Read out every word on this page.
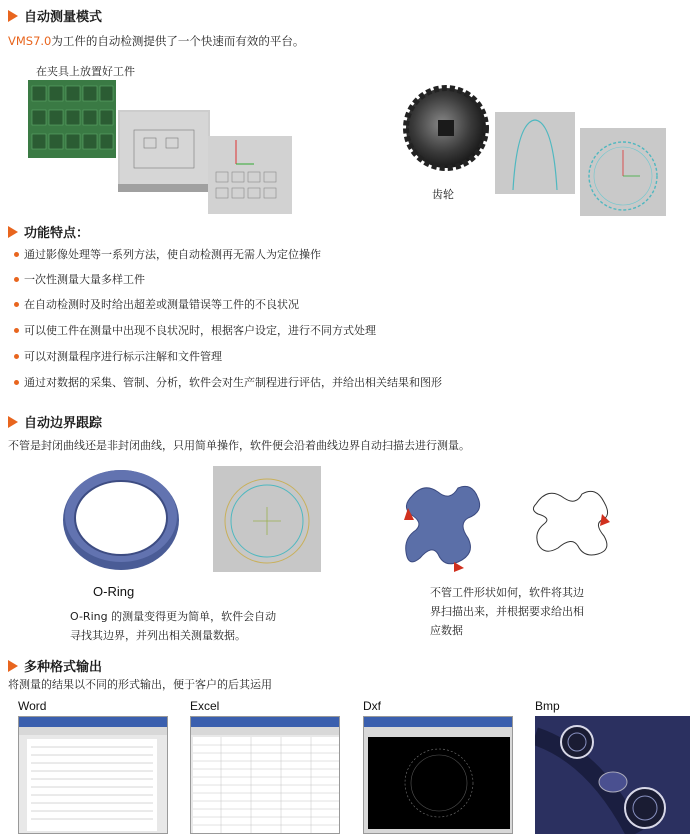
自动测量模式
VMS7.0为工件的自动检测提供了一个快速而有效的平台。
在夹具上放置好工件
齿轮
功能特点：
通过影像处理等一系列方法，使自动检测再无需人为定位操作
一次性测量大量多样工件
在自动检测时及时给出超差或测量错误等工件的不良状况
可以使工件在测量中出现不良状况时，根据客户设定，进行不同方式处理
可以对测量程序进行标示注解和文件管理
通过对数据的采集、管制、分析，软件会对生产制程进行评估，并给出相关结果和图形
自动边界跟踪
不管是封闭曲线还是非封闭曲线，只用简单操作，软件便会沿着曲线边界自动扫描去进行测量。
O-Ring
O-Ring 的测量变得更为简单，软件会自动
寻找其边界，并列出相关测量数据。
不管工件形状如何，软件将其边
界扫描出来，并根据要求给出相
应数据
多种格式输出
将测量的结果以不同的形式输出，便于客户的后其运用
Word	Excel	Dxf	Bmp
